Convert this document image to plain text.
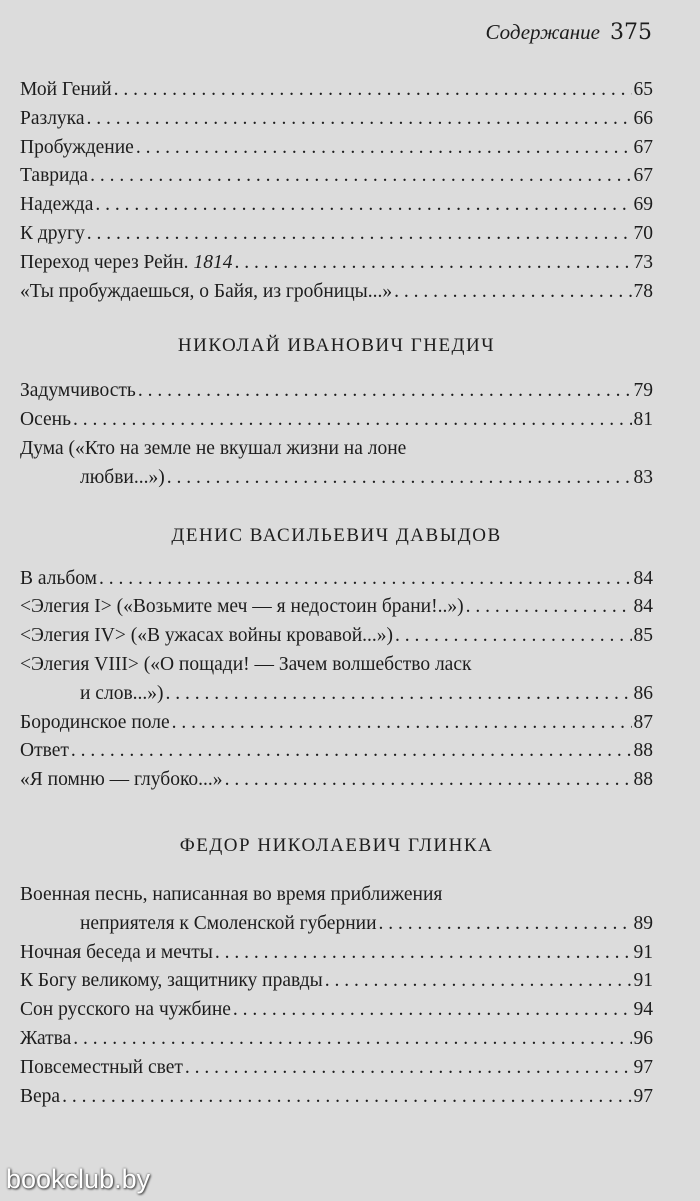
Содержание 375
Мой Гений . . .	65
Разлука . . .	66
Пробуждение . . .	67
Таврида . . .	67
Надежда . . .	69
К другу . . .	70
Переход через Рейн. 1814 . . .	73
«Ты пробуждаешься, о Байя, из гробницы...» . . .	78
НИКОЛАЙ ИВАНОВИЧ ГНЕДИЧ
Задумчивость . . .	79
Осень . . .	81
Дума («Кто на земле не вкушал жизни на лоне
любви...») . . .	83
ДЕНИС ВАСИЛЬЕВИЧ ДАВЫДОВ
В альбом . . .	84
<Элегия I> («Возьмите меч — я недостоин брани!..») . . .	84
<Элегия IV> («В ужасах войны кровавой...») . . .	85
<Элегия VIII> («О пощади! — Зачем волшебство ласк
и слов...») . . .	86
Бородинское поле . . .	87
Ответ . . .	88
«Я помню — глубоко...» . . .	88
ФЕДОР НИКОЛАЕВИЧ ГЛИНКА
Военная песнь, написанная во время приближения
неприятеля к Смоленской губернии . . .	89
Ночная беседа и мечты . . .	91
К Богу великому, защитнику правды . . .	91
Сон русского на чужбине . . .	94
Жатва . . .	96
Повсеместный свет . . .	97
Вера . . .	97
bookclub.by
